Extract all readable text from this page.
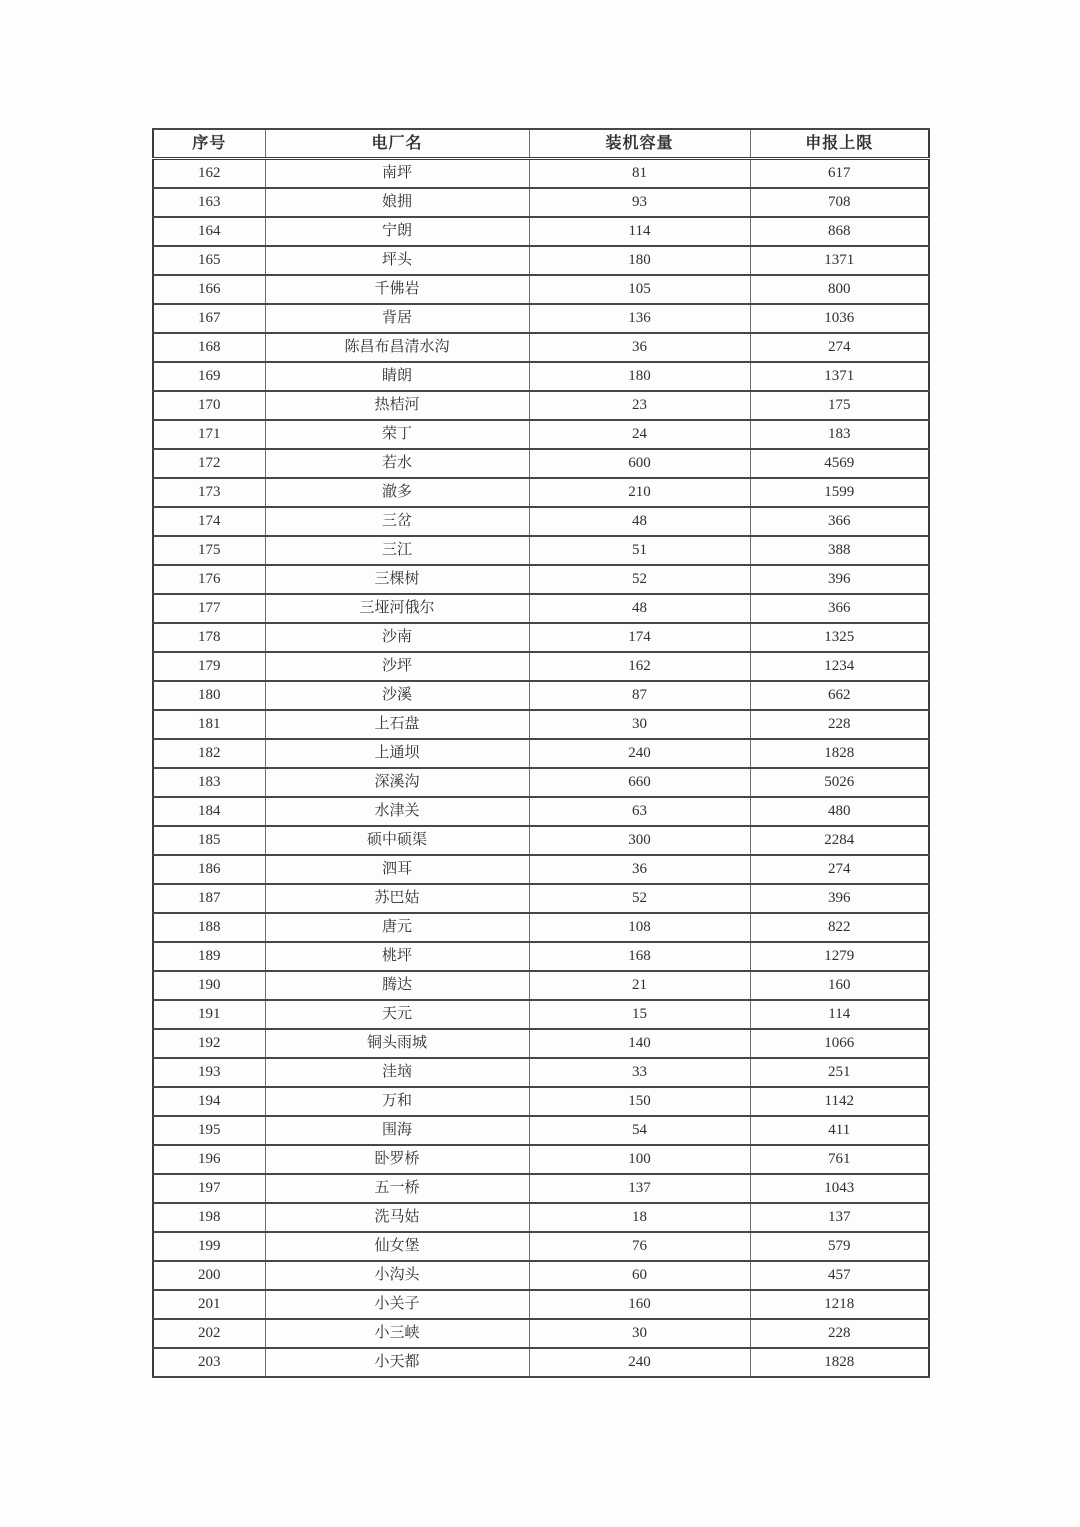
序号	电厂名	装机容量	申报上限
162	南坪	81	617
163	娘拥	93	708
164	宁朗	114	868
165	坪头	180	1371
166	千佛岩	105	800
167	背居	136	1036
168	陈昌布昌清水沟	36	274
169	睛朗	180	1371
170	热桔河	23	175
171	荣丁	24	183
172	若水	600	4569
173	澈多	210	1599
174	三岔	48	366
175	三江	51	388
176	三棵树	52	396
177	三垭河俄尔	48	366
178	沙南	174	1325
179	沙坪	162	1234
180	沙溪	87	662
181	上石盘	30	228
182	上通坝	240	1828
183	深溪沟	660	5026
184	水津关	63	480
185	硕中硕渠	300	2284
186	泗耳	36	274
187	苏巴姑	52	396
188	唐元	108	822
189	桃坪	168	1279
190	腾达	21	160
191	天元	15	114
192	铜头雨城	140	1066
193	洼垴	33	251
194	万和	150	1142
195	围海	54	411
196	卧罗桥	100	761
197	五一桥	137	1043
198	洗马姑	18	137
199	仙女堡	76	579
200	小沟头	60	457
201	小关子	160	1218
202	小三峡	30	228
203	小天都	240	1828
